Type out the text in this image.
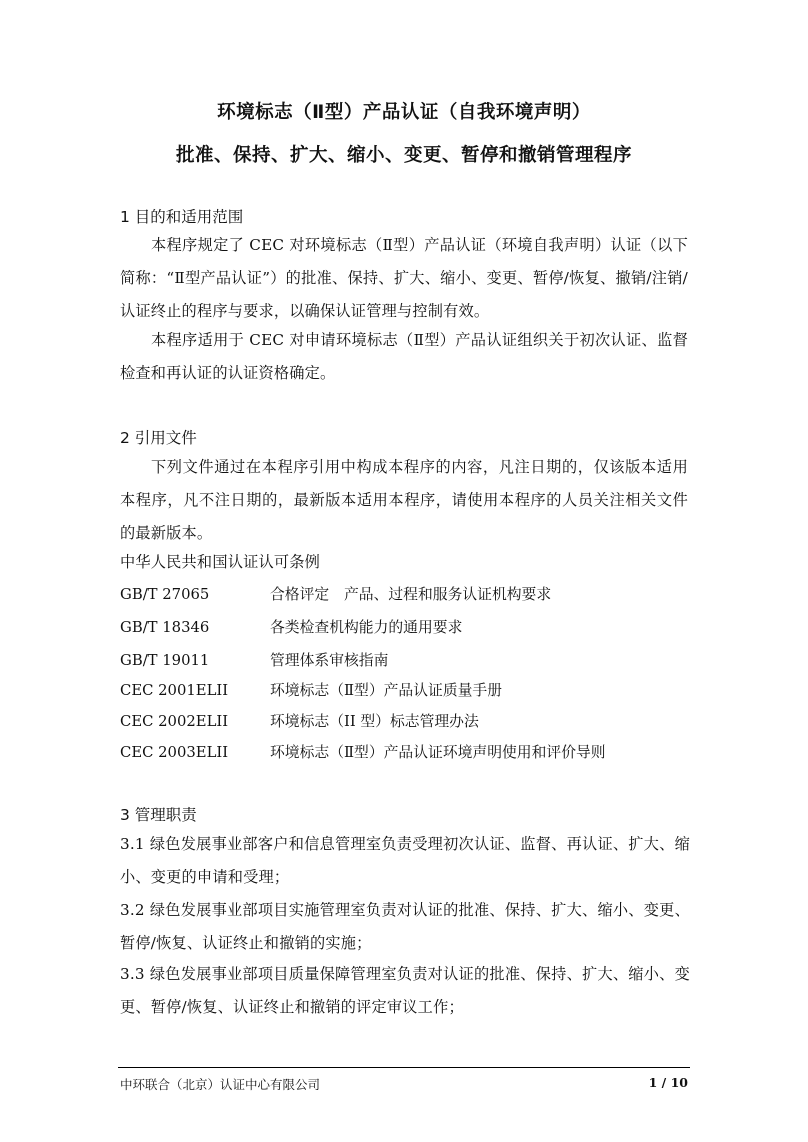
环境标志（Ⅱ型）产品认证（自我环境声明）
批准、保持、扩大、缩小、变更、暂停和撤销管理程序
1 目的和适用范围
本程序规定了 CEC 对环境标志（Ⅱ型）产品认证（环境自我声明）认证（以下简称：“Ⅱ型产品认证”）的批准、保持、扩大、缩小、变更、暂停/恢复、撤销/注销/认证终止的程序与要求，以确保认证管理与控制有效。
本程序适用于 CEC 对申请环境标志（Ⅱ型）产品认证组织关于初次认证、监督检查和再认证的认证资格确定。
2 引用文件
下列文件通过在本程序引用中构成本程序的内容，凡注日期的，仅该版本适用本程序，凡不注日期的，最新版本适用本程序，请使用本程序的人员关注相关文件的最新版本。
中华人民共和国认证认可条例
GB/T 27065	合格评定　产品、过程和服务认证机构要求
GB/T 18346	各类检查机构能力的通用要求
GB/T 19011	管理体系审核指南
CEC 2001ELII	环境标志（Ⅱ型）产品认证质量手册
CEC 2002ELII	环境标志（II 型）标志管理办法
CEC 2003ELII	环境标志（Ⅱ型）产品认证环境声明使用和评价导则
3 管理职责
3.1 绿色发展事业部客户和信息管理室负责受理初次认证、监督、再认证、扩大、缩小、变更的申请和受理；
3.2 绿色发展事业部项目实施管理室负责对认证的批准、保持、扩大、缩小、变更、暂停/恢复、认证终止和撤销的实施；
3.3 绿色发展事业部项目质量保障管理室负责对认证的批准、保持、扩大、缩小、变更、暂停/恢复、认证终止和撤销的评定审议工作；
中环联合（北京）认证中心有限公司	1 / 10
